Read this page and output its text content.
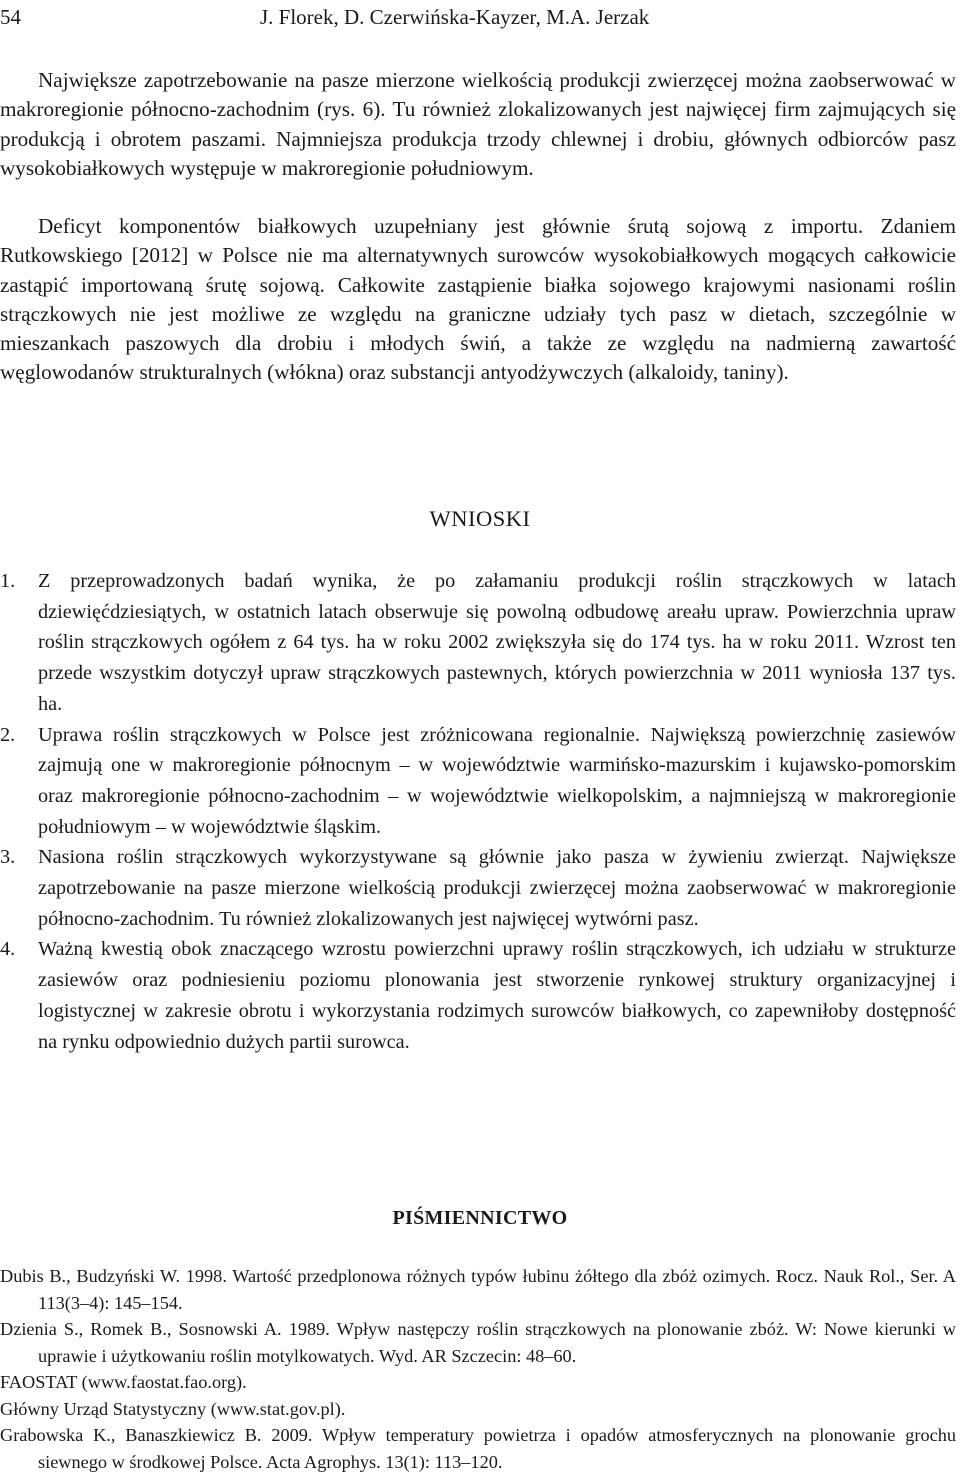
54	J. Florek, D. Czerwińska-Kayzer, M.A. Jerzak

Największe zapotrzebowanie na pasze mierzone wielkością produkcji zwierzęcej można zaobserwować w makroregionie północno-zachodnim (rys. 6). Tu również zlokalizowanych jest najwięcej firm zajmujących się produkcją i obrotem paszami. Najmniejsza produkcja trzody chlewnej i drobiu, głównych odbiorców pasz wysokobiałkowych występuje w makroregionie południowym.

Deficyt komponentów białkowych uzupełniany jest głównie śrutą sojową z importu. Zdaniem Rutkowskiego [2012] w Polsce nie ma alternatywnych surowców wysokobiałkowych mogących całkowicie zastąpić importowaną śrutę sojową. Całkowite zastąpienie białka sojowego krajowymi nasionami roślin strączkowych nie jest możliwe ze względu na graniczne udziały tych pasz w dietach, szczególnie w mieszankach paszowych dla drobiu i młodych świń, a także ze względu na nadmierną zawartość węglowodanów strukturalnych (włókna) oraz substancji antyodżywczych (alkaloidy, taniny).

WNIOSKI
1. Z przeprowadzonych badań wynika, że po załamaniu produkcji roślin strączkowych w latach dziewięćdziesiątych, w ostatnich latach obserwuje się powolną odbudowę areału upraw. Powierzchnia upraw roślin strączkowych ogółem z 64 tys. ha w roku 2002 zwiększyła się do 174 tys. ha w roku 2011. Wzrost ten przede wszystkim dotyczył upraw strączkowych pastewnych, których powierzchnia w 2011 wyniosła 137 tys. ha.
2. Uprawa roślin strączkowych w Polsce jest zróżnicowana regionalnie. Największą powierzchnię zasiewów zajmują one w makroregionie północnym – w województwie warmińsko-mazurskim i kujawsko-pomorskim oraz makroregionie północno-zachodnim – w województwie wielkopolskim, a najmniejszą w makroregionie południowym – w województwie śląskim.
3. Nasiona roślin strączkowych wykorzystywane są głównie jako pasza w żywieniu zwierząt. Największe zapotrzebowanie na pasze mierzone wielkością produkcji zwierzęcej można zaobserwować w makroregionie północno-zachodnim. Tu również zlokalizowanych jest najwięcej wytwórni pasz.
4. Ważną kwestią obok znaczącego wzrostu powierzchni uprawy roślin strączkowych, ich udziału w strukturze zasiewów oraz podniesieniu poziomu plonowania jest stworzenie rynkowej struktury organizacyjnej i logistycznej w zakresie obrotu i wykorzystania rodzimych surowców białkowych, co zapewniłoby dostępność na rynku odpowiednio dużych partii surowca.
PIŚMIENNICTWO
Dubis B., Budzyński W. 1998. Wartość przedplonowa różnych typów łubinu żółtego dla zbóż ozimych. Rocz. Nauk Rol., Ser. A 113(3–4): 145–154.
Dzienia S., Romek B., Sosnowski A. 1989. Wpływ następczy roślin strączkowych na plonowanie zbóż. W: Nowe kierunki w uprawie i użytkowaniu roślin motylkowatych. Wyd. AR Szczecin: 48–60.
FAOSTAT (www.faostat.fao.org).
Główny Urząd Statystyczny (www.stat.gov.pl).
Grabowska K., Banaszkiewicz B. 2009. Wpływ temperatury powietrza i opadów atmosferycznych na plonowanie grochu siewnego w środkowej Polsce. Acta Agrophys. 13(1): 113–120.
